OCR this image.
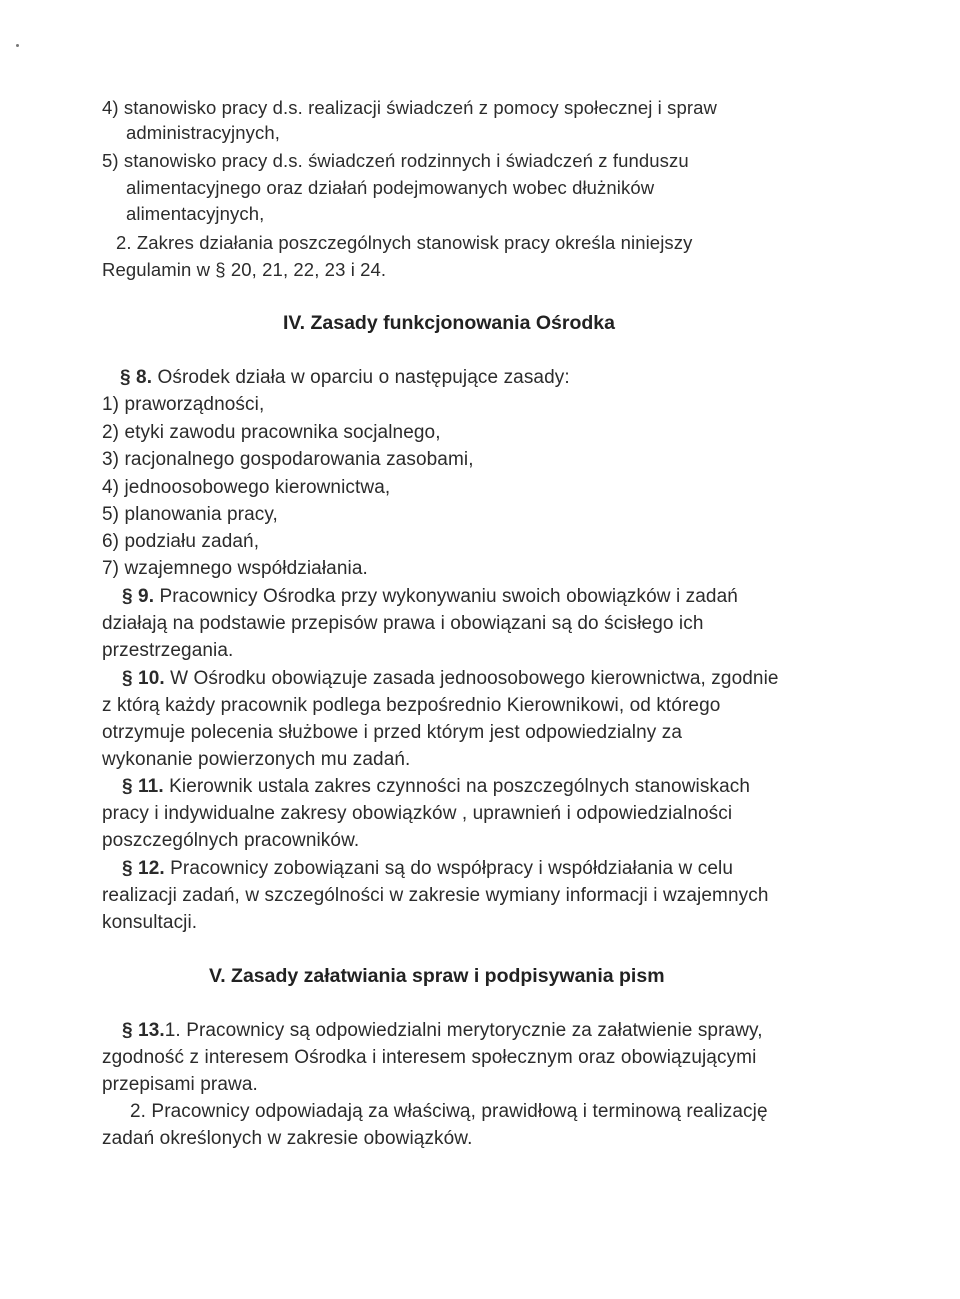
4) stanowisko pracy d.s. realizacji świadczeń z pomocy społecznej i spraw
administracyjnych,
5) stanowisko pracy d.s. świadczeń rodzinnych i świadczeń z funduszu
alimentacyjnego oraz działań podejmowanych wobec dłużników
alimentacyjnych,
2. Zakres działania poszczególnych stanowisk pracy określa niniejszy
Regulamin w § 20, 21, 22, 23 i 24.
IV. Zasady funkcjonowania Ośrodka
§ 8. Ośrodek działa w oparciu o następujące zasady:
1) praworządności,
2) etyki zawodu pracownika socjalnego,
3) racjonalnego gospodarowania zasobami,
4) jednoosobowego kierownictwa,
5) planowania pracy,
6) podziału zadań,
7) wzajemnego współdziałania.
§ 9. Pracownicy Ośrodka przy wykonywaniu swoich obowiązków i zadań
działają na podstawie przepisów prawa i obowiązani są do ścisłego ich
przestrzegania.
§ 10. W Ośrodku obowiązuje zasada jednoosobowego kierownictwa, zgodnie
z którą każdy pracownik podlega bezpośrednio Kierownikowi, od którego
otrzymuje polecenia służbowe i przed którym jest odpowiedzialny za
wykonanie powierzonych mu zadań.
§ 11. Kierownik ustala zakres czynności na poszczególnych stanowiskach
pracy i indywidualne zakresy obowiązków , uprawnień i odpowiedzialności
poszczególnych pracowników.
§ 12. Pracownicy zobowiązani są do współpracy i współdziałania w celu
realizacji zadań, w szczególności w zakresie wymiany informacji i wzajemnych
konsultacji.
V. Zasady załatwiania spraw i podpisywania pism
§ 13.1. Pracownicy są odpowiedzialni merytorycznie za załatwienie sprawy,
zgodność z interesem Ośrodka i interesem społecznym oraz obowiązującymi
przepisami prawa.
2. Pracownicy odpowiadają za właściwą, prawidłową i terminową realizację
zadań określonych w zakresie obowiązków.
